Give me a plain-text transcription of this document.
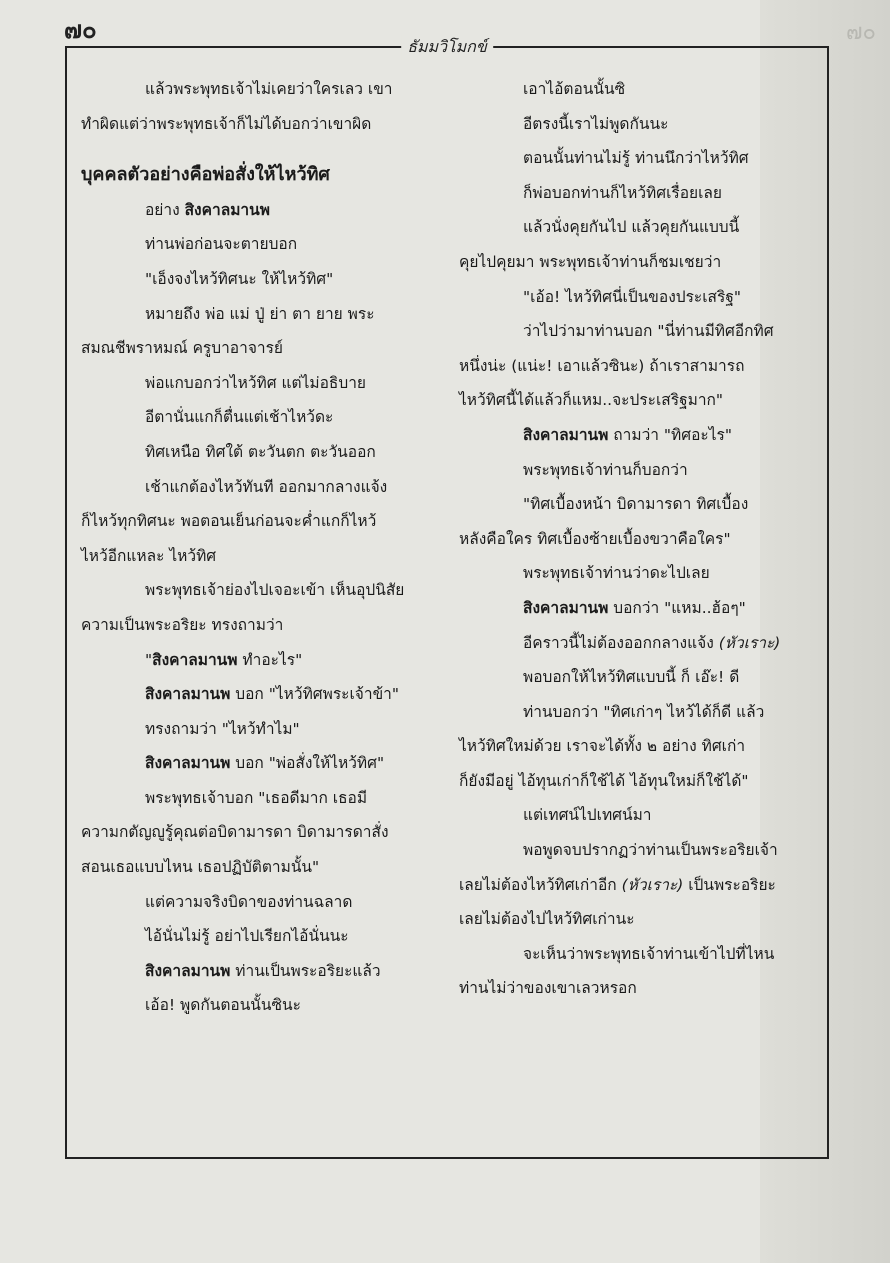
๗๐
๗๐
ธัมมวิโมกข์
แล้วพระพุทธเจ้าไม่เคยว่าใครเลว เขา
ทำผิดแต่ว่าพระพุทธเจ้าก็ไม่ได้บอกว่าเขาผิด
บุคคลตัวอย่างคือพ่อสั่งให้ไหว้ทิศ
อย่าง สิงคาลมานพ
ท่านพ่อก่อนจะตายบอก
"เอ็งจงไหว้ทิศนะ ให้ไหว้ทิศ"
หมายถึง พ่อ แม่ ปู่ ย่า ตา ยาย พระ
สมณชีพราหมณ์ ครูบาอาจารย์
พ่อแกบอกว่าไหว้ทิศ แต่ไม่อธิบาย
อีตานั่นแกก็ตื่นแต่เช้าไหว้ดะ
ทิศเหนือ ทิศใต้ ตะวันตก ตะวันออก
เช้าแกต้องไหว้ทันที ออกมากลางแจ้ง
ก็ไหว้ทุกทิศนะ พอตอนเย็นก่อนจะค่ำแกก็ไหว้
ไหว้อีกแหละ ไหว้ทิศ
พระพุทธเจ้าย่องไปเจอะเข้า เห็นอุปนิสัย
ความเป็นพระอริยะ ทรงถามว่า
"สิงคาลมานพ ทำอะไร"
สิงคาลมานพ บอก "ไหว้ทิศพระเจ้าข้า"
ทรงถามว่า "ไหว้ทำไม"
สิงคาลมานพ บอก "พ่อสั่งให้ไหว้ทิศ"
พระพุทธเจ้าบอก "เธอดีมาก เธอมี
ความกตัญญูรู้คุณต่อบิดามารดา บิดามารดาสั่ง
สอนเธอแบบไหน เธอปฏิบัติตามนั้น"
แต่ความจริงบิดาของท่านฉลาด
ไอ้นั่นไม่รู้ อย่าไปเรียกไอ้นั่นนะ
สิงคาลมานพ ท่านเป็นพระอริยะแล้ว
เอ้อ! พูดกันตอนนั้นซินะ
เอาไอ้ตอนนั้นซิ
อีตรงนี้เราไม่พูดกันนะ
ตอนนั้นท่านไม่รู้ ท่านนึกว่าไหว้ทิศ
ก็พ่อบอกท่านก็ไหว้ทิศเรื่อยเลย
แล้วนั่งคุยกันไป แล้วคุยกันแบบนี้
คุยไปคุยมา พระพุทธเจ้าท่านก็ชมเชยว่า
"เอ้อ! ไหว้ทิศนี่เป็นของประเสริฐ"
ว่าไปว่ามาท่านบอก "นี่ท่านมีทิศอีกทิศ
หนึ่งน่ะ (แน่ะ! เอาแล้วซินะ) ถ้าเราสามารถ
ไหว้ทิศนี้ได้แล้วก็แหม..จะประเสริฐมาก"
สิงคาลมานพ ถามว่า "ทิศอะไร"
พระพุทธเจ้าท่านก็บอกว่า
"ทิศเบื้องหน้า บิดามารดา ทิศเบื้อง
หลังคือใคร ทิศเบื้องซ้ายเบื้องขวาคือใคร"
พระพุทธเจ้าท่านว่าดะไปเลย
สิงคาลมานพ บอกว่า "แหม..ฮ้อๆ"
อีคราวนี้ไม่ต้องออกกลางแจ้ง (หัวเราะ)
พอบอกให้ไหว้ทิศแบบนี้ ก็ เอ๊ะ! ดี
ท่านบอกว่า "ทิศเก่าๆ ไหว้ได้ก็ดี แล้ว
ไหว้ทิศใหม่ด้วย เราจะได้ทั้ง ๒ อย่าง ทิศเก่า
ก็ยังมีอยู่ ไอ้ทุนเก่าก็ใช้ได้ ไอ้ทุนใหม่ก็ใช้ได้"
แต่เทศน์ไปเทศน์มา
พอพูดจบปรากฏว่าท่านเป็นพระอริยเจ้า
เลยไม่ต้องไหว้ทิศเก่าอีก (หัวเราะ) เป็นพระอริยะ
เลยไม่ต้องไปไหว้ทิศเก่านะ
จะเห็นว่าพระพุทธเจ้าท่านเข้าไปที่ไหน
ท่านไม่ว่าของเขาเลวหรอก
